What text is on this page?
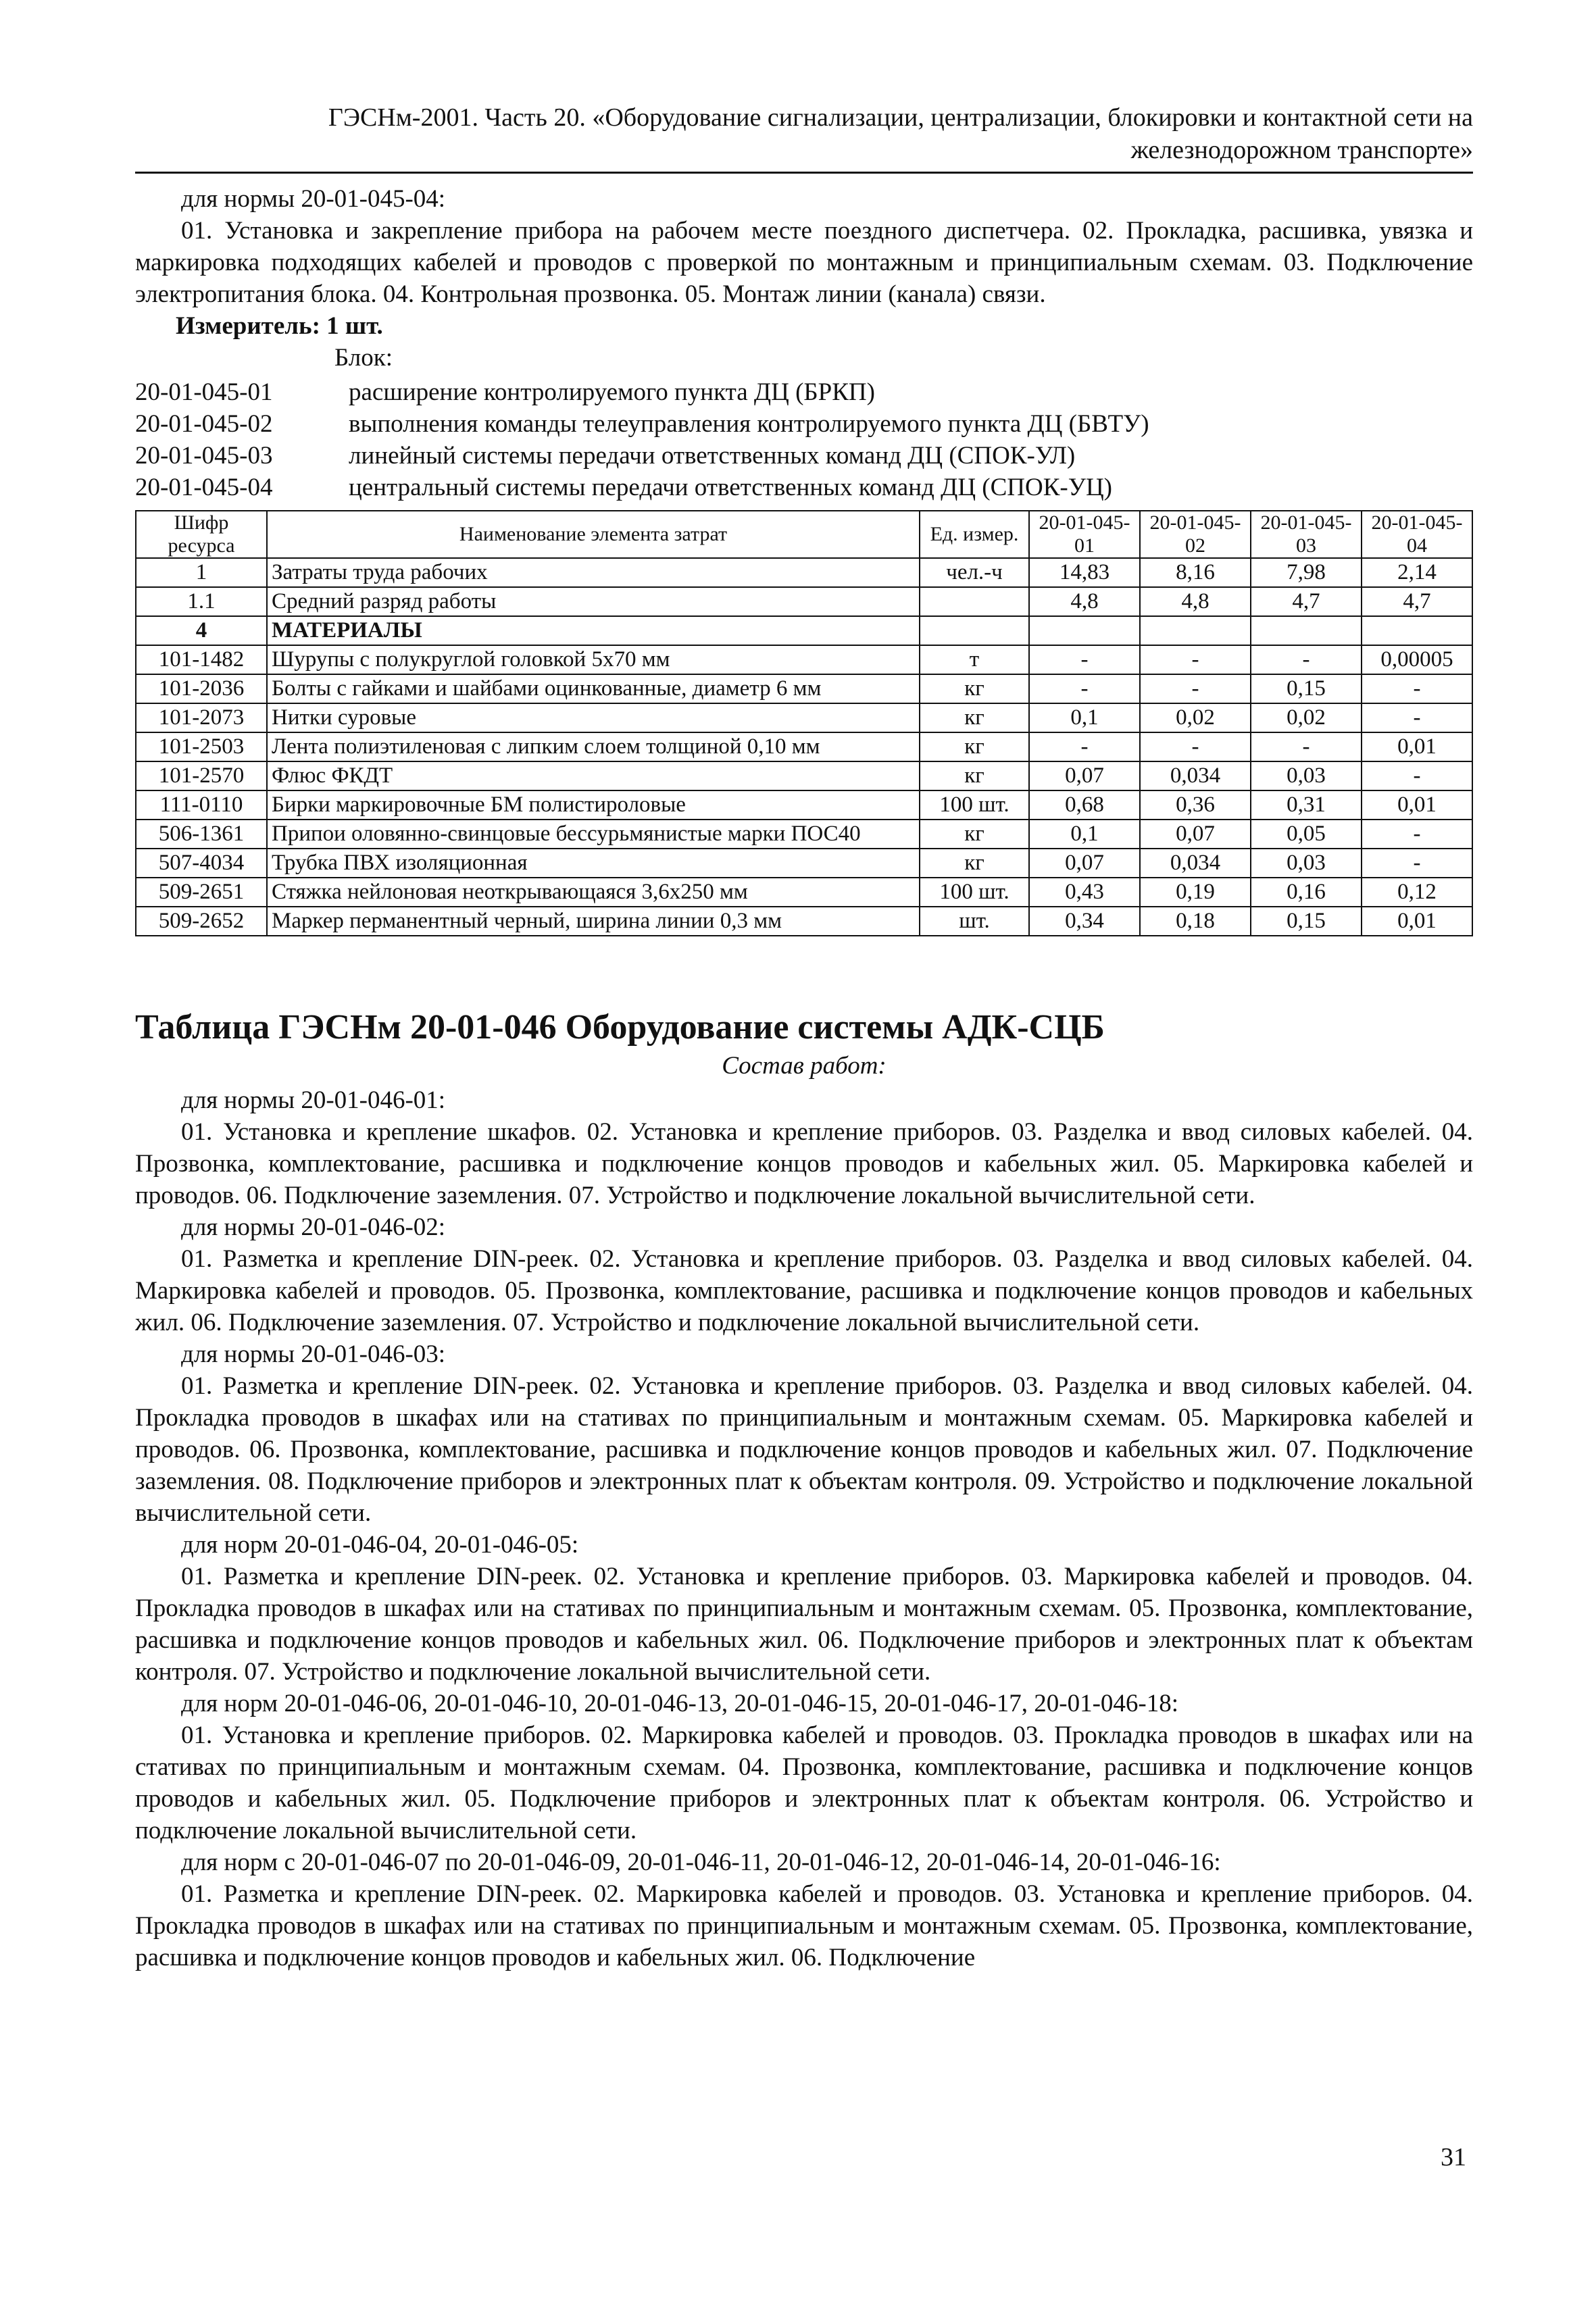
ГЭСНм-2001. Часть 20. «Оборудование сигнализации, централизации, блокировки и контактной сети на
железнодорожном транспорте»
для нормы 20-01-045-04:

01. Установка и закрепление прибора на рабочем месте поездного диспетчера. 02. Прокладка, расшивка, увязка и маркировка подходящих кабелей и проводов с проверкой по монтажным и принципиальным схемам. 03. Подключение электропитания блока. 04. Контрольная прозвонка. 05. Монтаж линии (канала) связи.

Измеритель: 1 шт.

Блок:

20-01-045-01	расширение контролируемого пункта ДЦ (БРКП)
20-01-045-02	выполнения команды телеуправления контролируемого пункта ДЦ (БВТУ)
20-01-045-03	линейный системы передачи ответственных команд ДЦ (СПОК-УЛ)
20-01-045-04	центральный системы передачи ответственных команд ДЦ (СПОК-УЦ)
Шифр ресурса	Наименование элемента затрат	Ед. измер.	20-01-045-01	20-01-045-02	20-01-045-03	20-01-045-04
1	Затраты труда рабочих	чел.-ч	14,83	8,16	7,98	2,14
1.1	Средний разряд работы		4,8	4,8	4,7	4,7
4	МАТЕРИАЛЫ					
101-1482	Шурупы с полукруглой головкой 5х70 мм	т	-	-	-	0,00005
101-2036	Болты с гайками и шайбами оцинкованные, диаметр 6 мм	кг	-	-	0,15	-
101-2073	Нитки суровые	кг	0,1	0,02	0,02	-
101-2503	Лента полиэтиленовая с липким слоем толщиной 0,10 мм	кг	-	-	-	0,01
101-2570	Флюс ФКДТ	кг	0,07	0,034	0,03	-
111-0110	Бирки маркировочные БМ полистироловые	100 шт.	0,68	0,36	0,31	0,01
506-1361	Припои оловянно-свинцовые бессурьмянистые марки ПОС40	кг	0,1	0,07	0,05	-
507-4034	Трубка ПВХ изоляционная	кг	0,07	0,034	0,03	-
509-2651	Стяжка нейлоновая неоткрывающаяся 3,6х250 мм	100 шт.	0,43	0,19	0,16	0,12
509-2652	Маркер перманентный черный, ширина линии 0,3 мм	шт.	0,34	0,18	0,15	0,01
Таблица ГЭСНм 20-01-046 Оборудование системы АДК-СЦБ
Состав работ:
для нормы 20-01-046-01:

01. Установка и крепление шкафов. 02. Установка и крепление приборов. 03. Разделка и ввод силовых кабелей. 04. Прозвонка, комплектование, расшивка и подключение концов проводов и кабельных жил. 05. Маркировка кабелей и проводов. 06. Подключение заземления. 07. Устройство и подключение локальной вычислительной сети.

для нормы 20-01-046-02:

01. Разметка и крепление DIN-реек. 02. Установка и крепление приборов. 03. Разделка и ввод силовых кабелей. 04. Маркировка кабелей и проводов. 05. Прозвонка, комплектование, расшивка и подключение концов проводов и кабельных жил. 06. Подключение заземления. 07. Устройство и подключение локальной вычислительной сети.

для нормы 20-01-046-03:

01. Разметка и крепление DIN-реек. 02. Установка и крепление приборов. 03. Разделка и ввод силовых кабелей. 04. Прокладка проводов в шкафах или на стативах по принципиальным и монтажным схемам. 05. Маркировка кабелей и проводов. 06. Прозвонка, комплектование, расшивка и подключение концов проводов и кабельных жил. 07. Подключение заземления. 08. Подключение приборов и электронных плат к объектам контроля. 09. Устройство и подключение локальной вычислительной сети.

для норм 20-01-046-04, 20-01-046-05:

01. Разметка и крепление DIN-реек. 02. Установка и крепление приборов. 03. Маркировка кабелей и проводов. 04. Прокладка проводов в шкафах или на стативах по принципиальным и монтажным схемам. 05. Прозвонка, комплектование, расшивка и подключение концов проводов и кабельных жил. 06. Подключение приборов и электронных плат к объектам контроля. 07. Устройство и подключение локальной вычислительной сети.

для норм 20-01-046-06, 20-01-046-10, 20-01-046-13, 20-01-046-15, 20-01-046-17, 20-01-046-18:

01. Установка и крепление приборов. 02. Маркировка кабелей и проводов. 03. Прокладка проводов в шкафах или на стативах по принципиальным и монтажным схемам. 04. Прозвонка, комплектование, расшивка и подключение концов проводов и кабельных жил. 05. Подключение приборов и электронных плат к объектам контроля. 06. Устройство и подключение локальной вычислительной сети.

для норм с 20-01-046-07 по 20-01-046-09, 20-01-046-11, 20-01-046-12, 20-01-046-14, 20-01-046-16:

01. Разметка и крепление DIN-реек. 02. Маркировка кабелей и проводов. 03. Установка и крепление приборов. 04. Прокладка проводов в шкафах или на стативах по принципиальным и монтажным схемам. 05. Прозвонка, комплектование, расшивка и подключение концов проводов и кабельных жил. 06. Подключение

31
